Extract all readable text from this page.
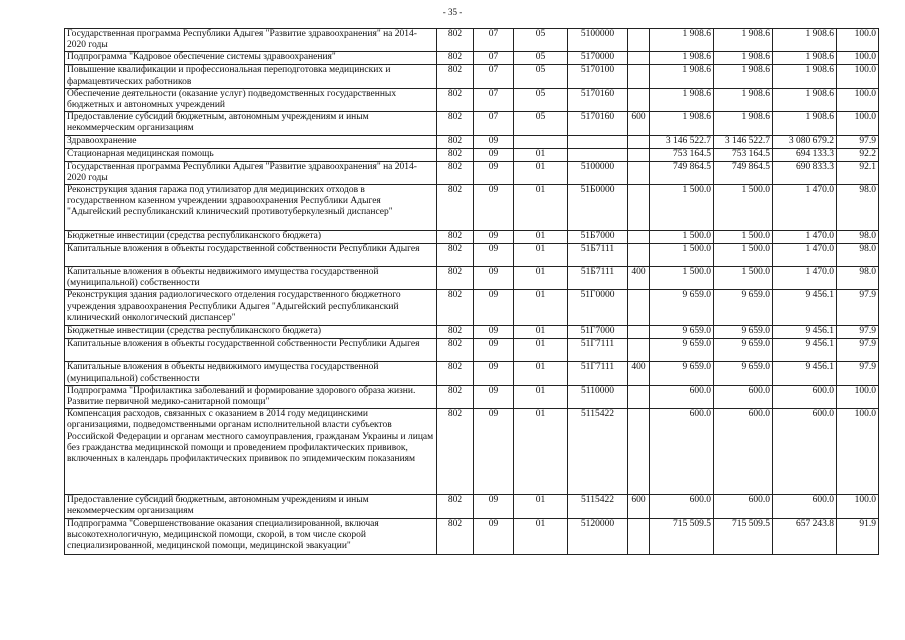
- 35 -
Государственная программа Республики Адыгея "Развитие здравоохранения" на 2014-2020 годы	802	07	05	5100000		1 908.6	1 908.6	1 908.6	100.0
Подпрограмма "Кадровое обеспечение системы здравоохранения"	802	07	05	5170000		1 908.6	1 908.6	1 908.6	100.0
Повышение квалификации и профессиональная переподготовка медицинских и фармацевтических работников	802	07	05	5170100		1 908.6	1 908.6	1 908.6	100.0
Обеспечение деятельности (оказание услуг) подведомственных государственных бюджетных и автономных учреждений	802	07	05	5170160		1 908.6	1 908.6	1 908.6	100.0
Предоставление субсидий бюджетным, автономным учреждениям и иным некоммерческим организациям	802	07	05	5170160	600	1 908.6	1 908.6	1 908.6	100.0
Здравоохранение	802	09				3 146 522.7	3 146 522.7	3 080 679.2	97.9
Стационарная медицинская помощь	802	09	01			753 164.5	753 164.5	694 133.3	92.2
Государственная программа Республики Адыгея "Развитие здравоохранения" на 2014-2020 годы	802	09	01	5100000		749 864.5	749 864.5	690 833.3	92.1
Реконструкция здания гаража под утилизатор для медицинских отходов в государственном казенном учреждении здравоохранения Республики Адыгея "Адыгейский республиканский клинический противотуберкулезный диспансер"	802	09	01	51Б0000		1 500.0	1 500.0	1 470.0	98.0
Бюджетные инвестиции (средства республиканского бюджета)	802	09	01	51Б7000		1 500.0	1 500.0	1 470.0	98.0
Капитальные вложения в объекты государственной собственности Республики Адыгея	802	09	01	51Б7111		1 500.0	1 500.0	1 470.0	98.0
Капитальные вложения в объекты недвижимого имущества государственной (муниципальной) собственности	802	09	01	51Б7111	400	1 500.0	1 500.0	1 470.0	98.0
Реконструкция здания радиологического отделения государственного бюджетного учреждения здравоохранения Республики Адыгея "Адыгейский республиканский клинический онкологический диспансер"	802	09	01	51Г0000		9 659.0	9 659.0	9 456.1	97.9
Бюджетные инвестиции (средства республиканского бюджета)	802	09	01	51Г7000		9 659.0	9 659.0	9 456.1	97.9
Капитальные вложения в объекты государственной собственности Республики Адыгея	802	09	01	51Г7111		9 659.0	9 659.0	9 456.1	97.9
Капитальные вложения в объекты недвижимого имущества государственной (муниципальной) собственности	802	09	01	51Г7111	400	9 659.0	9 659.0	9 456.1	97.9
Подпрограмма "Профилактика заболеваний и формирование здорового образа жизни. Развитие первичной медико-санитарной помощи"	802	09	01	5110000		600.0	600.0	600.0	100.0
Компенсация расходов, связанных с оказанием в 2014 году медицинскими организациями, подведомственными органам исполнительной власти субъектов Российской Федерации и органам местного самоуправления, гражданам Украины и лицам без гражданства медицинской помощи и проведением профилактических прививок, включенных в календарь профилактических прививок по эпидемическим показаниям	802	09	01	5115422		600.0	600.0	600.0	100.0
Предоставление субсидий бюджетным, автономным учреждениям и иным некоммерческим организациям	802	09	01	5115422	600	600.0	600.0	600.0	100.0
Подпрограмма "Совершенствование оказания специализированной, включая высокотехнологичную, медицинской помощи, скорой, в том числе скорой специализированной, медицинской помощи, медицинской эвакуации"	802	09	01	5120000		715 509.5	715 509.5	657 243.8	91.9
